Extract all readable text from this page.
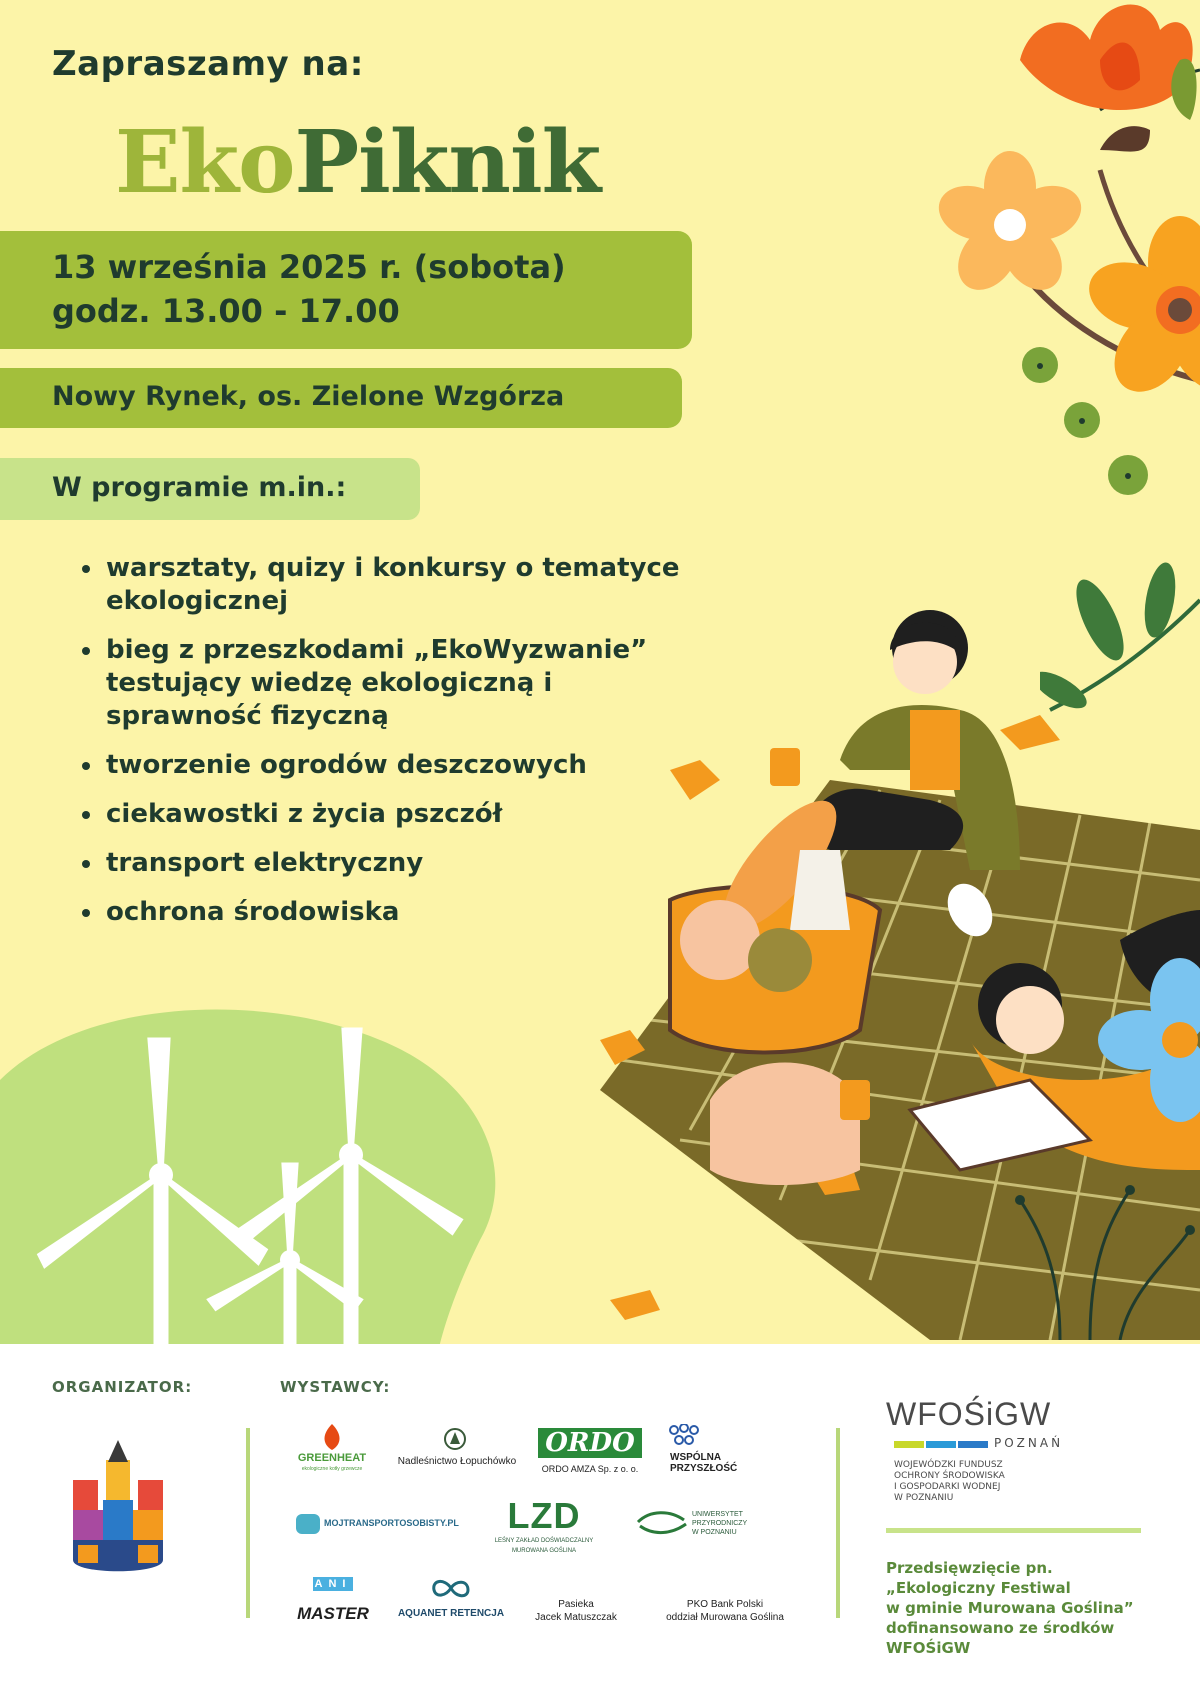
Zapraszamy na:
EkoPiknik
13 września 2025 r. (sobota)
godz. 13.00 - 17.00
Nowy Rynek, os. Zielone Wzgórza
W programie m.in.:
warsztaty, quizy i konkursy o tematyce ekologicznej
bieg z przeszkodami „EkoWyzwanie” testujący wiedzę ekologiczną i sprawność fizyczną
tworzenie ogrodów deszczowych
ciekawostki z życia pszczół
transport elektryczny
ochrona środowiska
ORGANIZATOR:	WYSTAWCY:
GREENHEAT
ekologiczne kotły grzewcze
Nadleśnictwo Łopuchówko
ORDO
ORDO AMZA Sp. z o. o.
WSPÓLNA PRZYSZŁOŚĆ
MOJTRANSPORTOSOBISTY.PL	LZD
LEŚNY ZAKŁAD DOŚWIADCZALNY
MUROWANA GOŚLINA
UNIWERSYTET
PRZYRODNICZY
W POZNANIU
ANI
MASTER	AQUANET RETENCJA
Pasieka
Jacek Matuszczak
PKO Bank Polski
oddział Murowana Goślina
WFOŚiGW
POZNAŃ
WOJEWÓDZKI FUNDUSZ
OCHRONY ŚRODOWISKA
I GOSPODARKI WODNEJ
W POZNANIU
Przedsięwzięcie pn.
„Ekologiczny Festiwal
w gminie Murowana Goślina”
dofinansowano ze środków
WFOŚiGW
